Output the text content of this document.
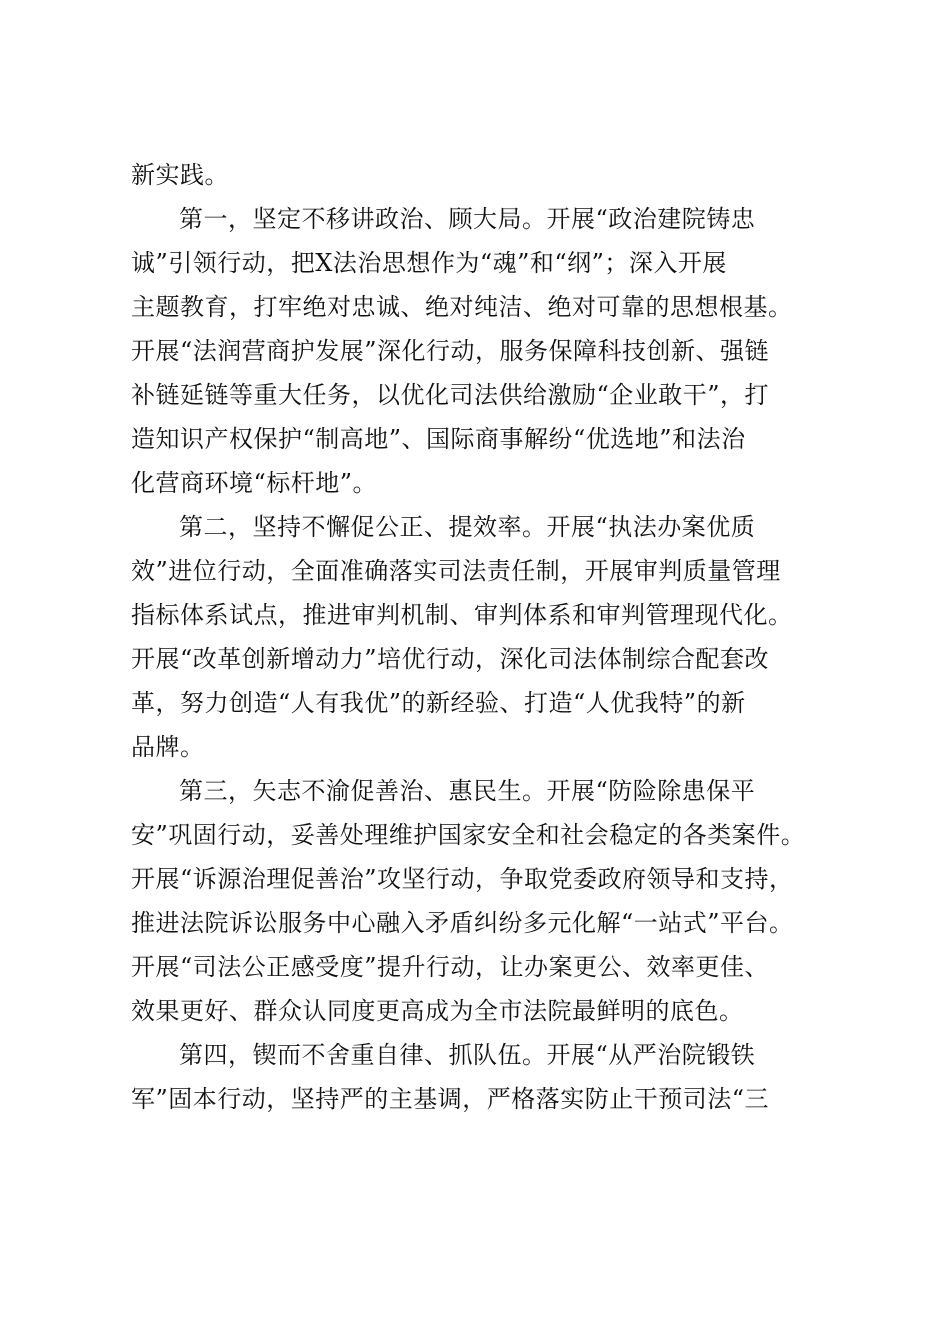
新实践。
第一，坚定不移讲政治、顾大局。开展“政治建院铸忠
诚”引领行动，把X法治思想作为“魂”和“纲”；深入开展
主题教育，打牢绝对忠诚、绝对纯洁、绝对可靠的思想根基。
开展“法润营商护发展”深化行动，服务保障科技创新、强链
补链延链等重大任务，以优化司法供给激励“企业敢干”，打
造知识产权保护“制高地”、国际商事解纷“优选地”和法治
化营商环境“标杆地”。
第二，坚持不懈促公正、提效率。开展“执法办案优质
效”进位行动，全面准确落实司法责任制，开展审判质量管理
指标体系试点，推进审判机制、审判体系和审判管理现代化。
开展“改革创新增动力”培优行动，深化司法体制综合配套改
革，努力创造“人有我优”的新经验、打造“人优我特”的新
品牌。
第三，矢志不渝促善治、惠民生。开展“防险除患保平
安”巩固行动，妥善处理维护国家安全和社会稳定的各类案件。
开展“诉源治理促善治”攻坚行动，争取党委政府领导和支持，
推进法院诉讼服务中心融入矛盾纠纷多元化解“一站式”平台。
开展“司法公正感受度”提升行动，让办案更公、效率更佳、
效果更好、群众认同度更高成为全市法院最鲜明的底色。
第四，锲而不舍重自律、抓队伍。开展“从严治院锻铁
军”固本行动，坚持严的主基调，严格落实防止干预司法“三
